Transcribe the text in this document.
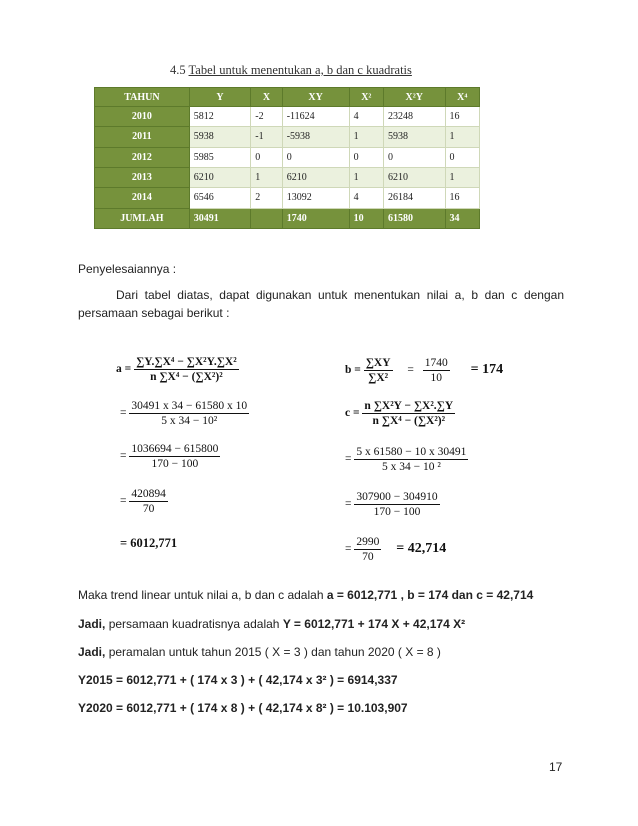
4.5 Tabel untuk menentukan a, b dan c kuadratis
TAHUN	Y	X	XY	X²	X²Y	X⁴
2010	5812	-2	-11624	4	23248	16
2011	5938	-1	-5938	1	5938	1
2012	5985	0	0	0	0	0
2013	6210	1	6210	1	6210	1
2014	6546	2	13092	4	26184	16
JUMLAH	30491		1740	10	61580	34
Penyelesaiannya :
Dari tabel diatas, dapat digunakan untuk menentukan nilai a, b dan c dengan
persamaan sebagai berikut :
$a = \frac{\text{∑Y.∑X⁴ − ∑X²Y.∑X²}}{\text{n ∑X⁴ − (∑X²)²}}$
= $\frac{30491 x 34 - 61580 x 10}{\text{5 x 34 − 10²}}$
= $\frac{1036694 - 615800}{170 - 100}$
= $\frac{420894}{70}$
= 6012,771
$b = \frac{\sum XY}{\text{∑X²}} = \frac{1740}{10} = 174$
$c = \frac{\text{n ∑X²Y − ∑X².∑Y}}{\text{n ∑X⁴ − (∑X²)²}}$
= $\frac{5 x 61580 - 10 x 30491}{\text{5 x 34 − 10 ²}}$
= $\frac{307900 - 304910}{170 - 100}$
= $\frac{2990}{70} = 42,714$
Maka trend linear untuk nilai a, b dan c adalah a = 6012,771 , b = 174 dan c = 42,714
Jadi, persamaan kuadratisnya adalah Y = 6012,771 + 174 X + 42,174 X²
Jadi, peramalan untuk tahun 2015 ( X = 3 ) dan tahun 2020 ( X = 8 )
Y2015 = 6012,771 + ( 174 x 3 ) + ( 42,174 x 3² ) = 6914,337
Y2020 = 6012,771 + ( 174 x 8 ) + ( 42,174 x 8² ) = 10.103,907
17
